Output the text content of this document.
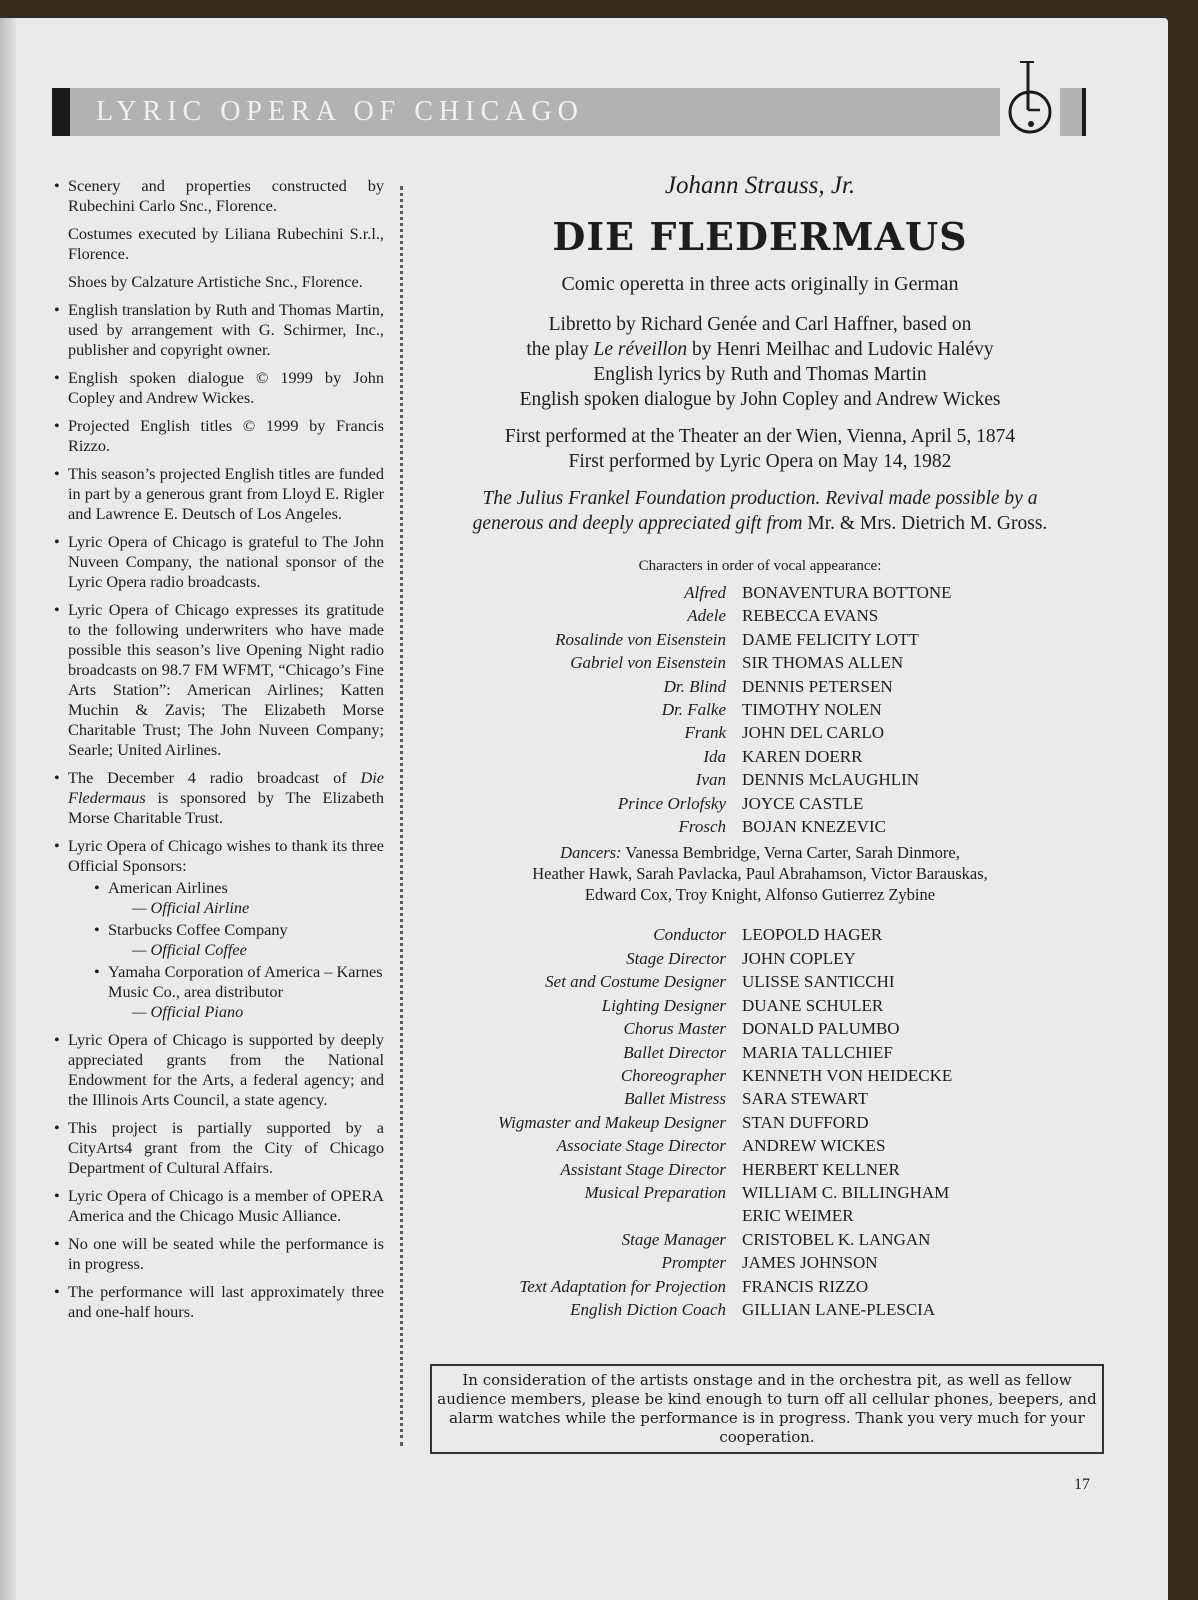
LYRIC OPERA OF CHICAGO
• Scenery and properties constructed by Rubechini Carlo Snc., Florence.
Costumes executed by Liliana Rubechini S.r.l., Florence.
Shoes by Calzature Artistiche Snc., Florence.
• English translation by Ruth and Thomas Martin, used by arrangement with G. Schirmer, Inc., publisher and copyright owner.
• English spoken dialogue © 1999 by John Copley and Andrew Wickes.
• Projected English titles © 1999 by Francis Rizzo.
• This season’s projected English titles are funded in part by a generous grant from Lloyd E. Rigler and Lawrence E. Deutsch of Los Angeles.
• Lyric Opera of Chicago is grateful to The John Nuveen Company, the national sponsor of the Lyric Opera radio broadcasts.
• Lyric Opera of Chicago expresses its gratitude to the following underwriters who have made possible this season’s live Opening Night radio broadcasts on 98.7 FM WFMT, “Chicago’s Fine Arts Station”: American Airlines; Katten Muchin & Zavis; The Elizabeth Morse Charitable Trust; The John Nuveen Company; Searle; United Airlines.
• The December 4 radio broadcast of Die Fledermaus is sponsored by The Elizabeth Morse Charitable Trust.
• Lyric Opera of Chicago wishes to thank its three Official Sponsors:
• American Airlines
— Official Airline
• Starbucks Coffee Company
— Official Coffee
• Yamaha Corporation of America – Karnes Music Co., area distributor
— Official Piano
• Lyric Opera of Chicago is supported by deeply appreciated grants from the National Endowment for the Arts, a federal agency; and the Illinois Arts Council, a state agency.
• This project is partially supported by a CityArts4 grant from the City of Chicago Department of Cultural Affairs.
• Lyric Opera of Chicago is a member of OPERA America and the Chicago Music Alliance.
• No one will be seated while the performance is in progress.
• The performance will last approximately three and one-half hours.
Johann Strauss, Jr.
DIE FLEDERMAUS
Comic operetta in three acts originally in German
Libretto by Richard Genée and Carl Haffner, based on
the play Le réveillon by Henri Meilhac and Ludovic Halévy
English lyrics by Ruth and Thomas Martin
English spoken dialogue by John Copley and Andrew Wickes
First performed at the Theater an der Wien, Vienna, April 5, 1874
First performed by Lyric Opera on May 14, 1982
The Julius Frankel Foundation production. Revival made possible by a
generous and deeply appreciated gift from Mr. & Mrs. Dietrich M. Gross.
Characters in order of vocal appearance:
Alfred BONAVENTURA BOTTONE
Adele REBECCA EVANS
Rosalinde von Eisenstein DAME FELICITY LOTT
Gabriel von Eisenstein SIR THOMAS ALLEN
Dr. Blind DENNIS PETERSEN
Dr. Falke TIMOTHY NOLEN
Frank JOHN DEL CARLO
Ida KAREN DOERR
Ivan DENNIS McLAUGHLIN
Prince Orlofsky JOYCE CASTLE
Frosch BOJAN KNEZEVIC
Dancers: Vanessa Bembridge, Verna Carter, Sarah Dinmore,
Heather Hawk, Sarah Pavlacka, Paul Abrahamson, Victor Barauskas,
Edward Cox, Troy Knight, Alfonso Gutierrez Zybine
Conductor LEOPOLD HAGER
Stage Director JOHN COPLEY
Set and Costume Designer ULISSE SANTICCHI
Lighting Designer DUANE SCHULER
Chorus Master DONALD PALUMBO
Ballet Director MARIA TALLCHIEF
Choreographer KENNETH VON HEIDECKE
Ballet Mistress SARA STEWART
Wigmaster and Makeup Designer STAN DUFFORD
Associate Stage Director ANDREW WICKES
Assistant Stage Director HERBERT KELLNER
Musical Preparation WILLIAM C. BILLINGHAM
ERIC WEIMER
Stage Manager CRISTOBEL K. LANGAN
Prompter JAMES JOHNSON
Text Adaptation for Projection FRANCIS RIZZO
English Diction Coach GILLIAN LANE-PLESCIA
In consideration of the artists onstage and in the orchestra pit, as well as fellow audience members, please be kind enough to turn off all cellular phones, beepers, and alarm watches while the performance is in progress. Thank you very much for your cooperation.
17
